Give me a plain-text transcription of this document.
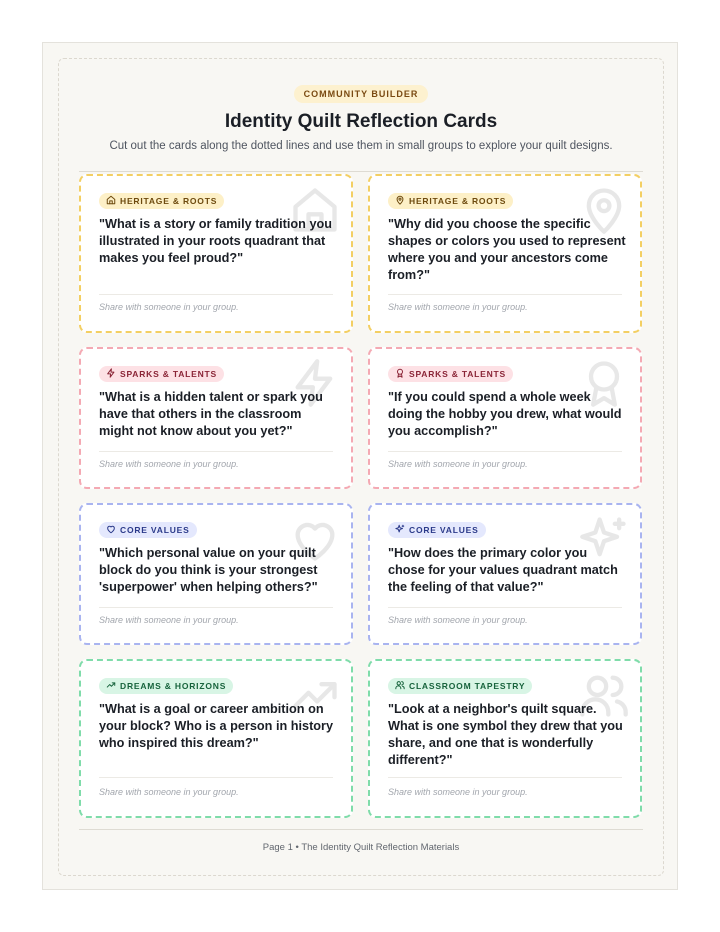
COMMUNITY BUILDER
Identity Quilt Reflection Cards
Cut out the cards along the dotted lines and use them in small groups to explore your quilt designs.
HERITAGE & ROOTS
"What is a story or family tradition you illustrated in your roots quadrant that makes you feel proud?"
Share with someone in your group.
HERITAGE & ROOTS
"Why did you choose the specific shapes or colors you used to represent where you and your ancestors come from?"
Share with someone in your group.
SPARKS & TALENTS
"What is a hidden talent or spark you have that others in the classroom might not know about you yet?"
Share with someone in your group.
SPARKS & TALENTS
"If you could spend a whole week doing the hobby you drew, what would you accomplish?"
Share with someone in your group.
CORE VALUES
"Which personal value on your quilt block do you think is your strongest 'superpower' when helping others?"
Share with someone in your group.
CORE VALUES
"How does the primary color you chose for your values quadrant match the feeling of that value?"
Share with someone in your group.
DREAMS & HORIZONS
"What is a goal or career ambition on your block? Who is a person in history who inspired this dream?"
Share with someone in your group.
CLASSROOM TAPESTRY
"Look at a neighbor's quilt square. What is one symbol they drew that you share, and one that is wonderfully different?"
Share with someone in your group.
Page 1 • The Identity Quilt Reflection Materials
